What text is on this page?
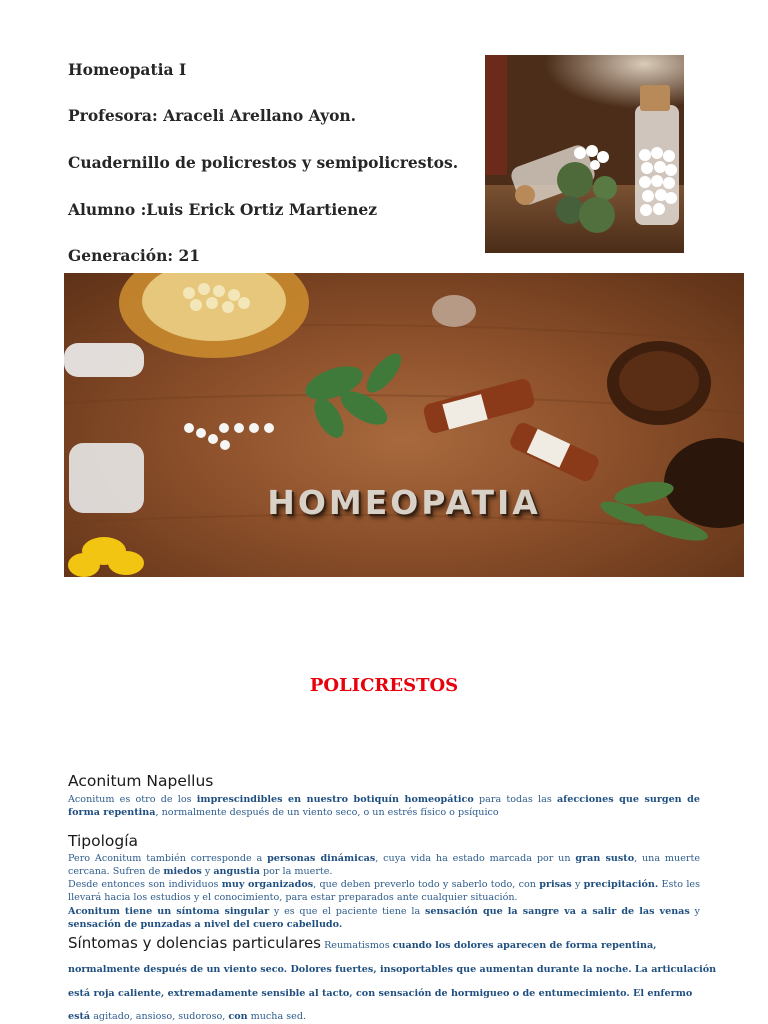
Homeopatia I
Profesora: Araceli Arellano Ayon.
Cuadernillo de policrestos y semipolicrestos.
Alumno :Luis Erick Ortiz Martienez
Generación: 21
HOMEOPATIA
POLICRESTOS
Aconitum Napellus
Aconitum es otro de los imprescindibles en nuestro botiquín homeopático para todas las afecciones que surgen de forma repentina, normalmente después de un viento seco, o un estrés físico o psíquico
Tipología
Pero Aconitum también corresponde a personas dinámicas, cuya vida ha estado marcada por un gran susto, una muerte cercana. Sufren de miedos y angustia por la muerte.
Desde entonces son individuos muy organizados, que deben preverlo todo y saberlo todo, con prisas y precipitación. Esto les llevará hacia los estudios y el conocimiento, para estar preparados ante cualquier situación.
Aconitum tiene un síntoma singular y es que el paciente tiene la sensación que la sangre va a salir de las venas y sensación de punzadas a nivel del cuero cabelludo.
Síntomas y dolencias particulares Reumatismos cuando los dolores aparecen de forma repentina,
normalmente después de un viento seco. Dolores fuertes, insoportables que aumentan durante la noche. La articulación
está roja caliente, extremadamente sensible al tacto, con sensación de hormigueo o de entumecimiento. El enfermo
está agitado, ansioso, sudoroso, con mucha sed.
